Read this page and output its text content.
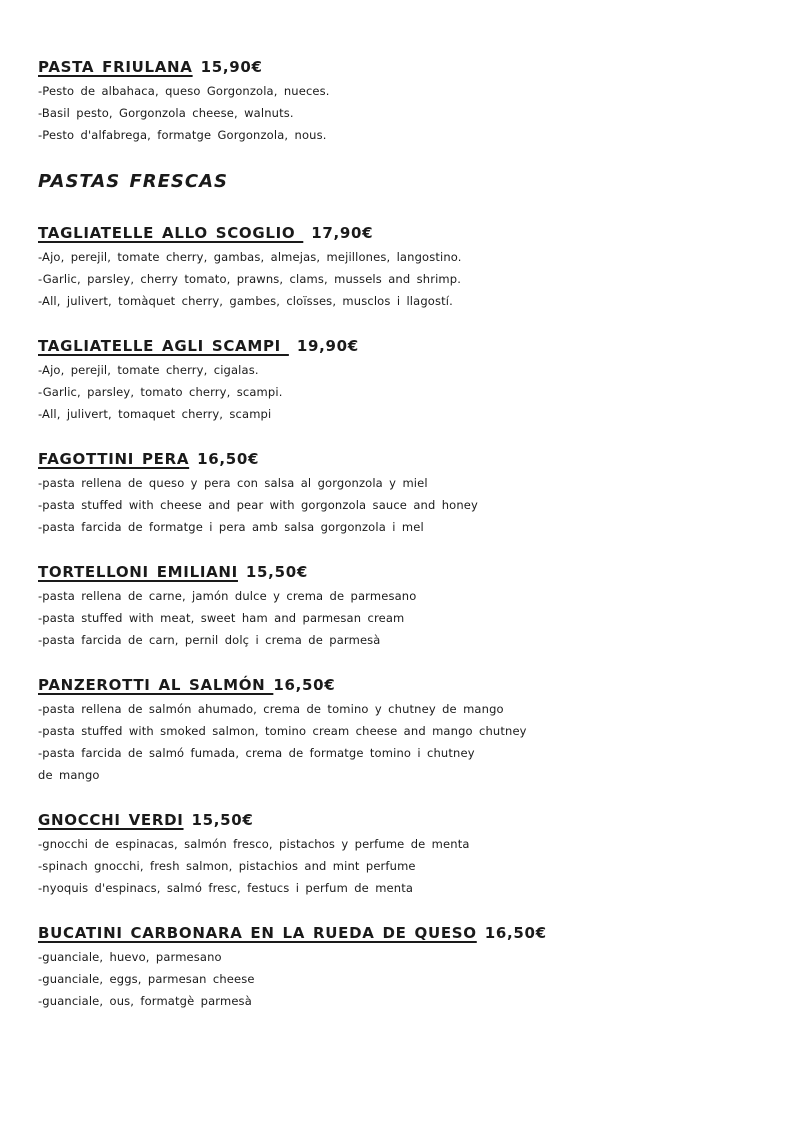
PASTA FRIULANA 15,90€

-Pesto de albahaca, queso Gorgonzola, nueces.

-Basil pesto, Gorgonzola cheese, walnuts.

-Pesto d'alfabrega, formatge Gorgonzola, nous.

PASTAS FRESCAS

TAGLIATELLE ALLO SCOGLIO  17,90€

-Ajo, perejil, tomate cherry, gambas, almejas, mejillones, langostino.

-Garlic, parsley, cherry tomato, prawns, clams, mussels and shrimp.

-All, julivert, tomàquet cherry, gambes, cloïsses, musclos i llagostí.

TAGLIATELLE AGLI SCAMPI  19,90€

-Ajo, perejil, tomate cherry, cigalas.

-Garlic, parsley, tomato cherry, scampi.

-All, julivert, tomaquet cherry, scampi

FAGOTTINI PERA 16,50€

-pasta rellena de queso y pera con salsa al gorgonzola y miel

-pasta stuffed with cheese and pear with gorgonzola sauce and honey

-pasta farcida de formatge i pera amb salsa gorgonzola i mel

TORTELLONI EMILIANI 15,50€

-pasta rellena de carne, jamón dulce y crema de parmesano

-pasta stuffed with meat, sweet ham and parmesan cream

-pasta farcida de carn, pernil dolç i crema de parmesà

PANZEROTTI AL SALMÓN 16,50€

-pasta rellena de salmón ahumado, crema de tomino y chutney de mango

-pasta stuffed with smoked salmon, tomino cream cheese and mango chutney

-pasta farcida de salmó fumada, crema de formatge tomino i chutney

de mango

GNOCCHI VERDI 15,50€

-gnocchi de espinacas, salmón fresco, pistachos y perfume de menta

-spinach gnocchi, fresh salmon, pistachios and mint perfume

-nyoquis d'espinacs, salmó fresc, festucs i perfum de menta

BUCATINI CARBONARA EN LA RUEDA DE QUESO 16,50€

-guanciale, huevo, parmesano

-guanciale, eggs, parmesan cheese

-guanciale, ous, formatgè parmesà
